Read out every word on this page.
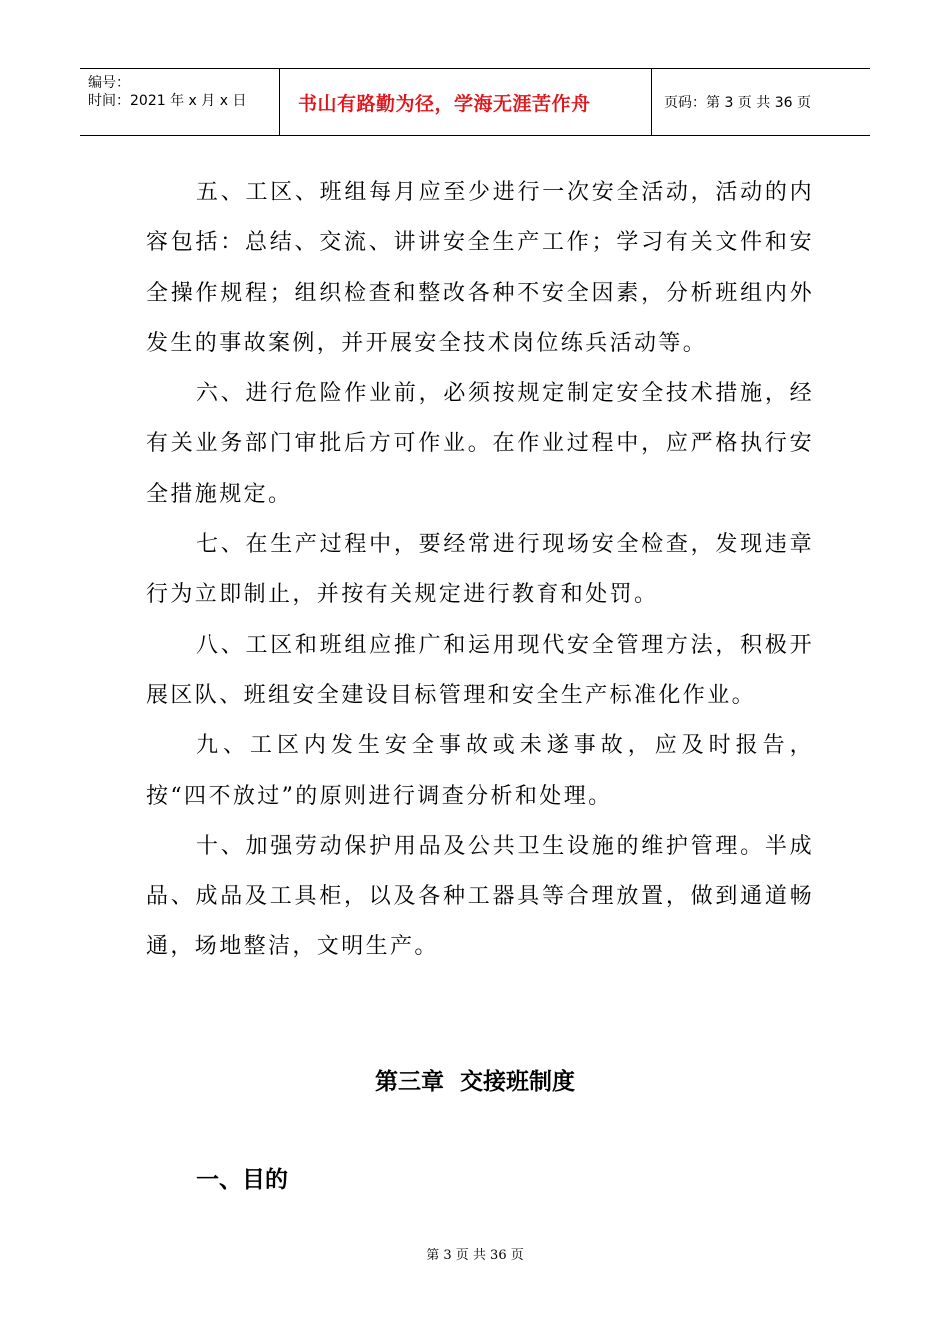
编号：
时间：2021 年 x 月 x 日	书山有路勤为径，学海无涯苦作舟	页码：第 3 页 共 36 页

五、工区、班组每月应至少进行一次安全活动，活动的内容包括：总结、交流、讲讲安全生产工作；学习有关文件和安全操作规程；组织检查和整改各种不安全因素，分析班组内外发生的事故案例，并开展安全技术岗位练兵活动等。

六、进行危险作业前，必须按规定制定安全技术措施，经有关业务部门审批后方可作业。在作业过程中，应严格执行安全措施规定。

七、在生产过程中，要经常进行现场安全检查，发现违章行为立即制止，并按有关规定进行教育和处罚。

八、工区和班组应推广和运用现代安全管理方法，积极开展区队、班组安全建设目标管理和安全生产标准化作业。

九、工区内发生安全事故或未遂事故，应及时报告，按“四不放过”的原则进行调查分析和处理。

十、加强劳动保护用品及公共卫生设施的维护管理。半成品、成品及工具柜，以及各种工器具等合理放置，做到通道畅通，场地整洁，文明生产。

第三章  交接班制度
一、目的
第 3 页 共 36 页
